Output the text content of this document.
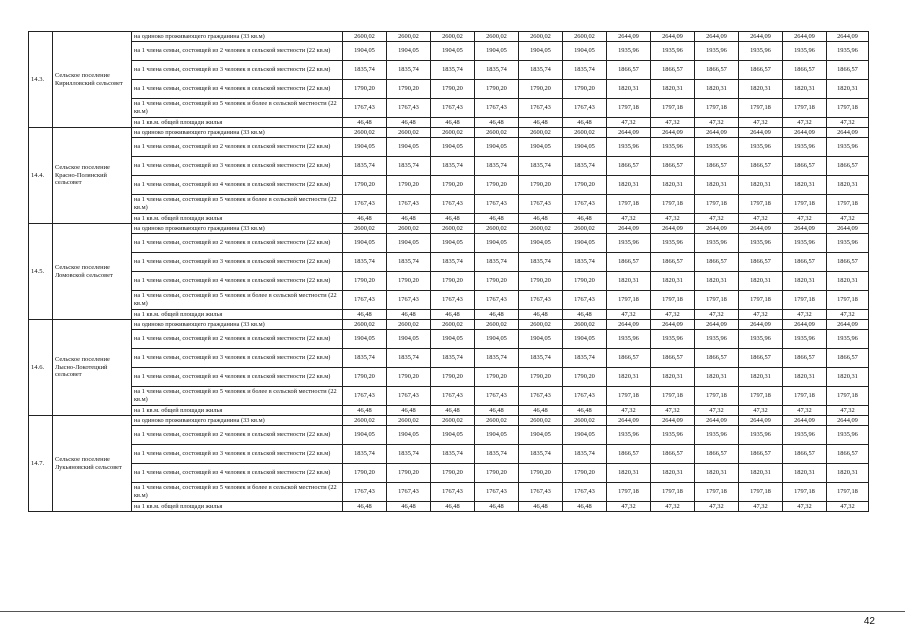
14.3.	Сельское поселение Кирилловский сельсовет	на одиноко проживающего гражданина (33 кв.м)	2600,02	2600,02	2600,02	2600,02	2600,02	2600,02	2644,09	2644,09	2644,09	2644,09	2644,09	2644,09
		на 1 члена семьи, состоящей из 2 человек в сельской местности (22 кв.м)	1904,05	1904,05	1904,05	1904,05	1904,05	1904,05	1935,96	1935,96	1935,96	1935,96	1935,96	1935,96
		на 1 члена семьи, состоящей из 3 человек в сельской местности (22 кв.м)	1835,74	1835,74	1835,74	1835,74	1835,74	1835,74	1866,57	1866,57	1866,57	1866,57	1866,57	1866,57
		на 1 члена семьи, состоящей из 4 человек в сельской местности (22 кв.м)	1790,20	1790,20	1790,20	1790,20	1790,20	1790,20	1820,31	1820,31	1820,31	1820,31	1820,31	1820,31
		на 1 члена семьи, состоящей из 5 человек и более в сельской местности (22 кв.м)	1767,43	1767,43	1767,43	1767,43	1767,43	1767,43	1797,18	1797,18	1797,18	1797,18	1797,18	1797,18
		на 1 кв.м. общей площади жилья	46,48	46,48	46,48	46,48	46,48	46,48	47,32	47,32	47,32	47,32	47,32	47,32
14.4.	Сельское поселение Красно-Полянский сельсовет	на одиноко проживающего гражданина (33 кв.м)	2600,02	2600,02	2600,02	2600,02	2600,02	2600,02	2644,09	2644,09	2644,09	2644,09	2644,09	2644,09
		на 1 члена семьи, состоящей из 2 человек в сельской местности (22 кв.м)	1904,05	1904,05	1904,05	1904,05	1904,05	1904,05	1935,96	1935,96	1935,96	1935,96	1935,96	1935,96
		на 1 члена семьи, состоящей из 3 человек в сельской местности (22 кв.м)	1835,74	1835,74	1835,74	1835,74	1835,74	1835,74	1866,57	1866,57	1866,57	1866,57	1866,57	1866,57
		на 1 члена семьи, состоящей из 4 человек в сельской местности (22 кв.м)	1790,20	1790,20	1790,20	1790,20	1790,20	1790,20	1820,31	1820,31	1820,31	1820,31	1820,31	1820,31
		на 1 члена семьи, состоящей из 5 человек и более в сельской местности (22 кв.м)	1767,43	1767,43	1767,43	1767,43	1767,43	1767,43	1797,18	1797,18	1797,18	1797,18	1797,18	1797,18
		на 1 кв.м. общей площади жилья	46,48	46,48	46,48	46,48	46,48	46,48	47,32	47,32	47,32	47,32	47,32	47,32
14.5.	Сельское поселение Ломовской сельсовет	на одиноко проживающего гражданина (33 кв.м)	2600,02	2600,02	2600,02	2600,02	2600,02	2600,02	2644,09	2644,09	2644,09	2644,09	2644,09	2644,09
		на 1 члена семьи, состоящей из 2 человек в сельской местности (22 кв.м)	1904,05	1904,05	1904,05	1904,05	1904,05	1904,05	1935,96	1935,96	1935,96	1935,96	1935,96	1935,96
		на 1 члена семьи, состоящей из 3 человек в сельской местности (22 кв.м)	1835,74	1835,74	1835,74	1835,74	1835,74	1835,74	1866,57	1866,57	1866,57	1866,57	1866,57	1866,57
		на 1 члена семьи, состоящей из 4 человек в сельской местности (22 кв.м)	1790,20	1790,20	1790,20	1790,20	1790,20	1790,20	1820,31	1820,31	1820,31	1820,31	1820,31	1820,31
		на 1 члена семьи, состоящей из 5 человек и более в сельской местности (22 кв.м)	1767,43	1767,43	1767,43	1767,43	1767,43	1767,43	1797,18	1797,18	1797,18	1797,18	1797,18	1797,18
		на 1 кв.м. общей площади жилья	46,48	46,48	46,48	46,48	46,48	46,48	47,32	47,32	47,32	47,32	47,32	47,32
14.6.	Сельское поселение Лысно-Локотецкий сельсовет	на одиноко проживающего гражданина (33 кв.м)	2600,02	2600,02	2600,02	2600,02	2600,02	2600,02	2644,09	2644,09	2644,09	2644,09	2644,09	2644,09
		на 1 члена семьи, состоящей из 2 человек в сельской местности (22 кв.м)	1904,05	1904,05	1904,05	1904,05	1904,05	1904,05	1935,96	1935,96	1935,96	1935,96	1935,96	1935,96
		на 1 члена семьи, состоящей из 3 человек в сельской местности (22 кв.м)	1835,74	1835,74	1835,74	1835,74	1835,74	1835,74	1866,57	1866,57	1866,57	1866,57	1866,57	1866,57
		на 1 члена семьи, состоящей из 4 человек в сельской местности (22 кв.м)	1790,20	1790,20	1790,20	1790,20	1790,20	1790,20	1820,31	1820,31	1820,31	1820,31	1820,31	1820,31
		на 1 члена семьи, состоящей из 5 человек и более в сельской местности (22 кв.м)	1767,43	1767,43	1767,43	1767,43	1767,43	1767,43	1797,18	1797,18	1797,18	1797,18	1797,18	1797,18
		на 1 кв.м. общей площади жилья	46,48	46,48	46,48	46,48	46,48	46,48	47,32	47,32	47,32	47,32	47,32	47,32
14.7.	Сельское поселение Лукьяновский сельсовет	на одиноко проживающего гражданина (33 кв.м)	2600,02	2600,02	2600,02	2600,02	2600,02	2600,02	2644,09	2644,09	2644,09	2644,09	2644,09	2644,09
		на 1 члена семьи, состоящей из 2 человек в сельской местности (22 кв.м)	1904,05	1904,05	1904,05	1904,05	1904,05	1904,05	1935,96	1935,96	1935,96	1935,96	1935,96	1935,96
		на 1 члена семьи, состоящей из 3 человек в сельской местности (22 кв.м)	1835,74	1835,74	1835,74	1835,74	1835,74	1835,74	1866,57	1866,57	1866,57	1866,57	1866,57	1866,57
		на 1 члена семьи, состоящей из 4 человек в сельской местности (22 кв.м)	1790,20	1790,20	1790,20	1790,20	1790,20	1790,20	1820,31	1820,31	1820,31	1820,31	1820,31	1820,31
		на 1 члена семьи, состоящей из 5 человек и более в сельской местности (22 кв.м)	1767,43	1767,43	1767,43	1767,43	1767,43	1767,43	1797,18	1797,18	1797,18	1797,18	1797,18	1797,18
		на 1 кв.м. общей площади жилья	46,48	46,48	46,48	46,48	46,48	46,48	47,32	47,32	47,32	47,32	47,32	47,32
42
